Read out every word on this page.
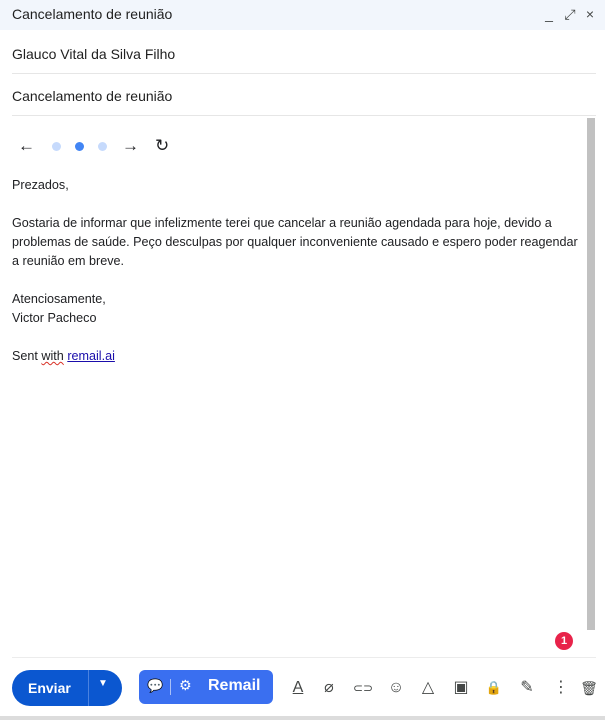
Cancelamento de reunião	_ ⤢ ×
Glauco Vital da Silva Filho
Cancelamento de reunião
←	→ ↻

Prezados,

Gostaria de informar que infelizmente terei que cancelar a reunião agendada para hoje, devido a problemas de saúde. Peço desculpas por qualquer inconveniente causado e espero poder reagendar a reunião em breve.

Atenciosamente,
Victor Pacheco

Sent with remail.ai

1
Enviar	▼	💬 ⚙ Remail	A	⌀	⊂⊃ ☺	△	▣ 🔒 ✎ ⋮ 🗑
